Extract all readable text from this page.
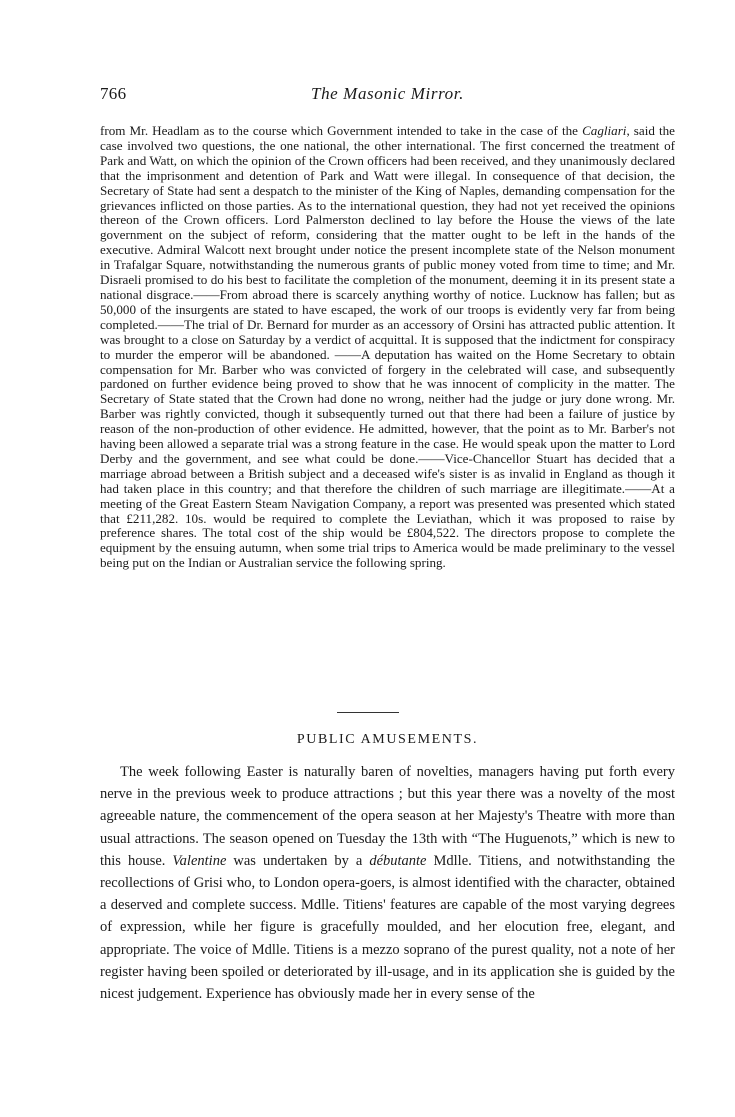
766	The Masonic Mirror.

from Mr. Headlam as to the course which Government intended to take in the case of the Cagliari, said the case involved two questions, the one national, the other international. The first concerned the treatment of Park and Watt, on which the opinion of the Crown officers had been received, and they unanimously declared that the imprisonment and detention of Park and Watt were illegal. In consequence of that decision, the Secretary of State had sent a despatch to the minister of the King of Naples, demanding compensation for the grievances inflicted on those parties. As to the international question, they had not yet received the opinions thereon of the Crown officers. Lord Palmerston declined to lay before the House the views of the late government on the subject of reform, considering that the matter ought to be left in the hands of the executive. Admiral Walcott next brought under notice the present incomplete state of the Nelson monument in Trafalgar Square, notwithstanding the numerous grants of public money voted from time to time; and Mr. Disraeli promised to do his best to facilitate the completion of the monument, deeming it in its present state a national disgrace.——From abroad there is scarcely anything worthy of notice. Lucknow has fallen; but as 50,000 of the insurgents are stated to have escaped, the work of our troops is evidently very far from being completed.——The trial of Dr. Bernard for murder as an accessory of Orsini has attracted public attention. It was brought to a close on Saturday by a verdict of acquittal. It is supposed that the indictment for conspiracy to murder the emperor will be abandoned. ——A deputation has waited on the Home Secretary to obtain compensation for Mr. Barber who was convicted of forgery in the celebrated will case, and subsequently pardoned on further evidence being proved to show that he was innocent of complicity in the matter. The Secretary of State stated that the Crown had done no wrong, neither had the judge or jury done wrong. Mr. Barber was rightly convicted, though it subsequently turned out that there had been a failure of justice by reason of the non-production of other evidence. He admitted, however, that the point as to Mr. Barber's not having been allowed a separate trial was a strong feature in the case. He would speak upon the matter to Lord Derby and the government, and see what could be done.——Vice-Chancellor Stuart has decided that a marriage abroad between a British subject and a deceased wife's sister is as invalid in England as though it had taken place in this country; and that therefore the children of such marriage are illegitimate.——At a meeting of the Great Eastern Steam Navigation Company, a report was presented was presented which stated that £211,282. 10s. would be required to complete the Leviathan, which it was proposed to raise by preference shares. The total cost of the ship would be £804,522. The directors propose to complete the equipment by the ensuing autumn, when some trial trips to America would be made preliminary to the vessel being put on the Indian or Australian service the following spring.

PUBLIC AMUSEMENTS.

The week following Easter is naturally baren of novelties, managers having put forth every nerve in the previous week to produce attractions ; but this year there was a novelty of the most agreeable nature, the commencement of the opera season at her Majesty's Theatre with more than usual attractions. The season opened on Tuesday the 13th with “The Huguenots,” which is new to this house. Valentine was undertaken by a débutante Mdlle. Titiens, and notwithstanding the recollections of Grisi who, to London opera-goers, is almost identified with the character, obtained a deserved and complete success. Mdlle. Titiens' features are capable of the most varying degrees of expression, while her figure is gracefully moulded, and her elocution free, elegant, and appropriate. The voice of Mdlle. Titiens is a mezzo soprano of the purest quality, not a note of her register having been spoiled or deteriorated by ill-usage, and in its application she is guided by the nicest judgement. Experience has obviously made her in every sense of the
